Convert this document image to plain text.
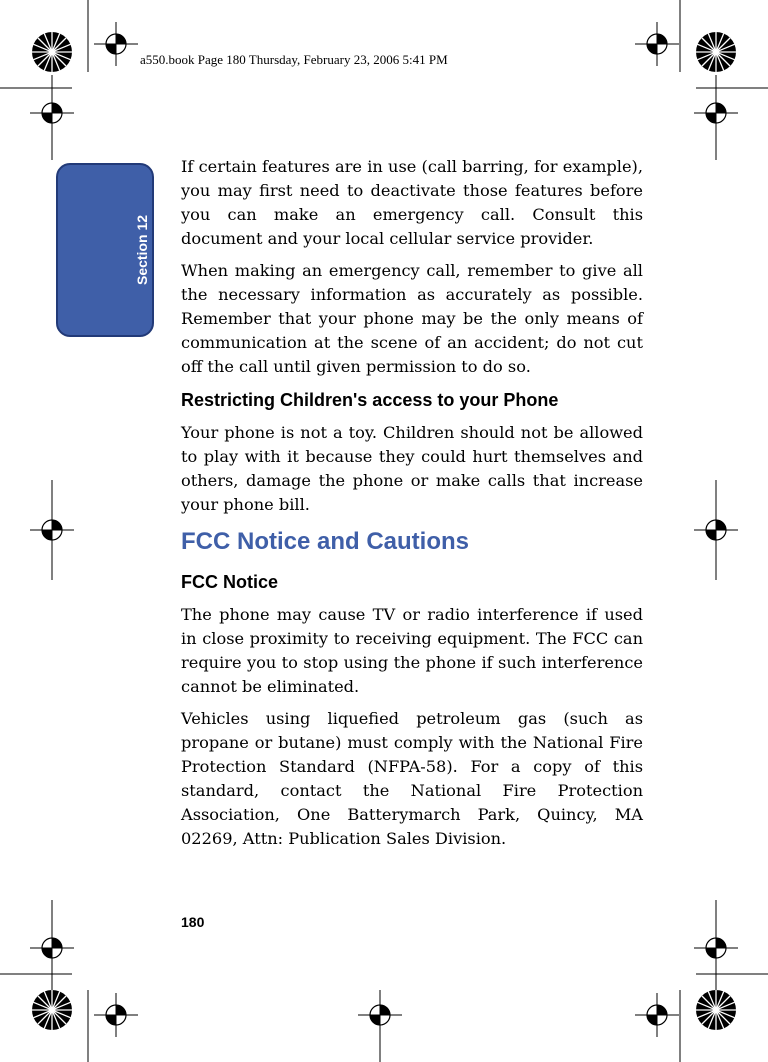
a550.book Page 180 Thursday, February 23, 2006 5:41 PM
Section 12

If certain features are in use (call barring, for example), you may first need to deactivate those features before you can make an emergency call. Consult this document and your local cellular service provider.

When making an emergency call, remember to give all the necessary information as accurately as possible. Remember that your phone may be the only means of communication at the scene of an accident; do not cut off the call until given permission to do so.

Restricting Children's access to your Phone

Your phone is not a toy. Children should not be allowed to play with it because they could hurt themselves and others, damage the phone or make calls that increase your phone bill.

FCC Notice and Cautions
FCC Notice

The phone may cause TV or radio interference if used in close proximity to receiving equipment. The FCC can require you to stop using the phone if such interference cannot be eliminated.

Vehicles using liquefied petroleum gas (such as propane or butane) must comply with the National Fire Protection Standard (NFPA-58). For a copy of this standard, contact the National Fire Protection Association, One Batterymarch Park, Quincy, MA 02269, Attn: Publication Sales Division.

180
